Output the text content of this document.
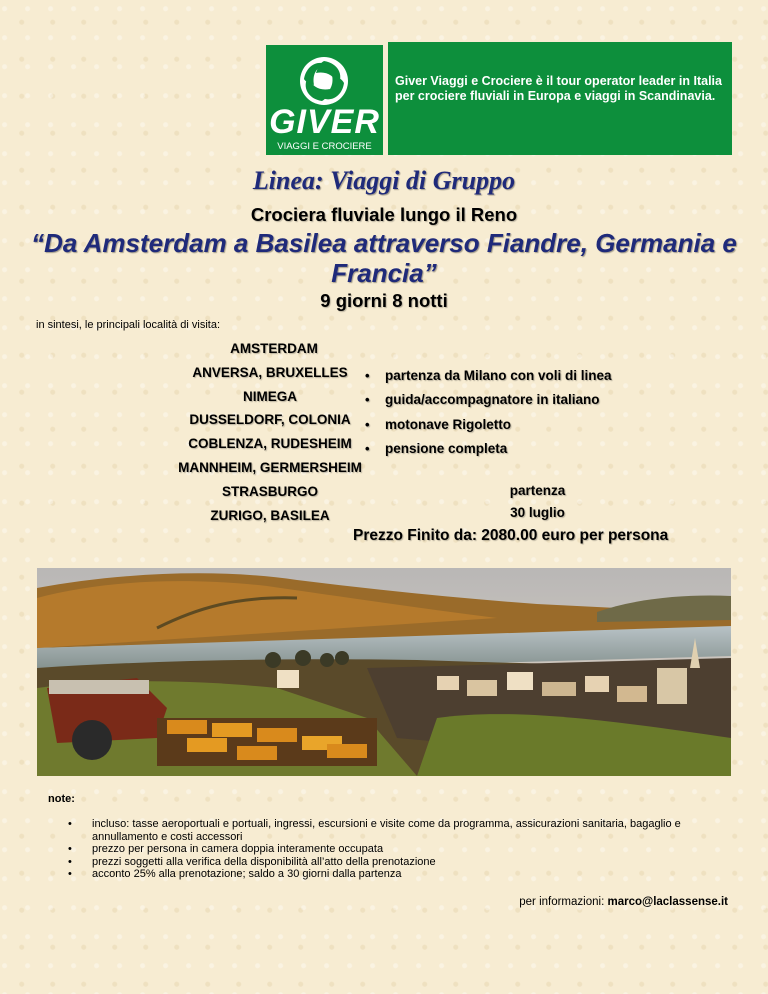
GIVER
VIAGGI E CROCIERE
Giver Viaggi e Crociere è il tour operator leader in Italia per crociere fluviali in Europa e viaggi in Scandinavia.
Linea: Viaggi di Gruppo
Crociera fluviale lungo il Reno
“Da Amsterdam a Basilea attraverso Fiandre, Germania e Francia”
9 giorni 8 notti
in sintesi, le principali località di visita:
AMSTERDAM
ANVERSA, BRUXELLES
NIMEGA
DUSSELDORF, COLONIA
COBLENZA, RUDESHEIM
MANNHEIM, GERMERSHEIM
STRASBURGO
ZURIGO, BASILEA
• partenza da Milano con voli di linea
• guida/accompagnatore in italiano
• motonave Rigoletto
• pensione completa
partenza
30 luglio
Prezzo Finito da: 2080.00 euro per persona
note:
• incluso: tasse aeroportuali e portuali, ingressi, escursioni e visite come da programma, assicurazioni sanitaria, bagaglio e annullamento e costi accessori
• prezzo per persona in camera doppia interamente occupata
• prezzi soggetti alla verifica della disponibilità all’atto della prenotazione
• acconto 25% alla prenotazione; saldo a 30 giorni dalla partenza
per informazioni: marco@laclassense.it
